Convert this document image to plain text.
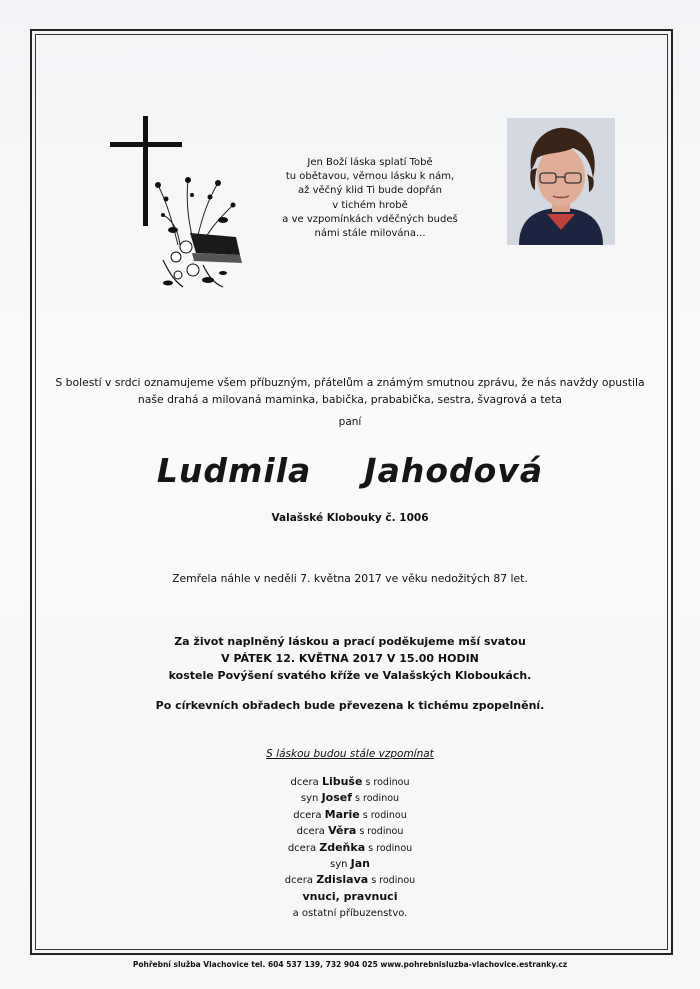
Jen Boží láska splatí Tobě
tu obětavou, věrnou lásku k nám,
až věčný klid Ti bude dopřán
v tichém hrobě
a ve vzpomínkách vděčných budeš
námi stále milována...
S bolestí v srdci oznamujeme všem příbuzným, přátelům a známým smutnou zprávu, že nás navždy opustila
naše drahá a milovaná maminka, babička, prababička, sestra, švagrová a teta
paní
Ludmila  Jahodová
Valašské Klobouky č. 1006
Zemřela náhle v neděli 7. května 2017 ve věku nedožitých 87 let.
Za život naplněný láskou a prací poděkujeme mší svatou
V PÁTEK 12. KVĚTNA 2017 V 15.00 HODIN
kostele Povýšení svatého kříže ve Valašských Kloboukách.
Po církevních obřadech bude převezena k tichému zpopelnění.
S láskou budou stále vzpomínat
dcera Libuše s rodinou
syn Josef s rodinou
dcera Marie s rodinou
dcera Věra s rodinou
dcera Zdeňka s rodinou
syn Jan
dcera Zdislava s rodinou
vnuci, pravnuci
a ostatní příbuzenstvo.
Pohřební služba Vlachovice tel. 604 537 139, 732 904 025 www.pohrebnisluzba-vlachovice.estranky.cz
